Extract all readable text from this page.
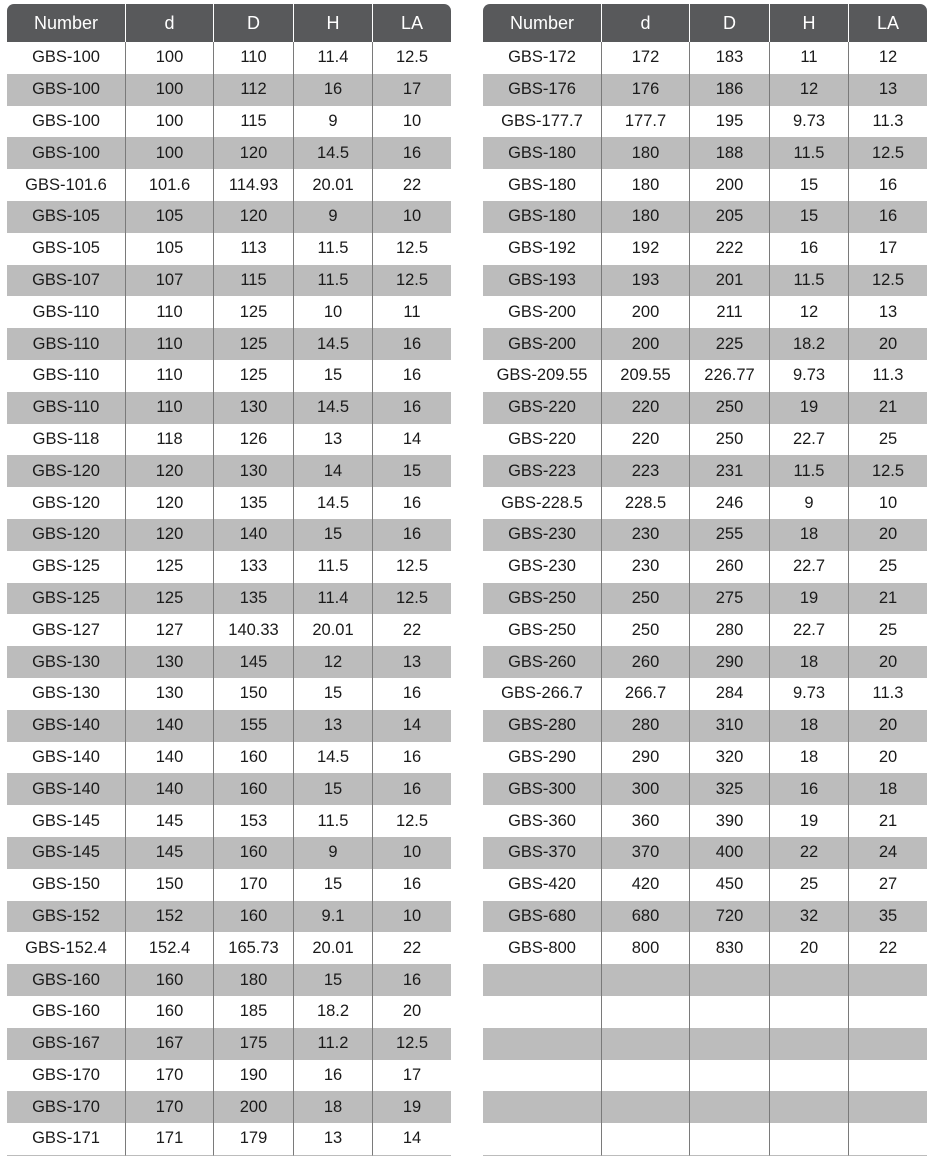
Number	d	D	H	LA
GBS-100	100	110	11.4	12.5
GBS-100	100	112	16	17
GBS-100	100	115	9	10
GBS-100	100	120	14.5	16
GBS-101.6	101.6	114.93	20.01	22
GBS-105	105	120	9	10
GBS-105	105	113	11.5	12.5
GBS-107	107	115	11.5	12.5
GBS-110	110	125	10	11
GBS-110	110	125	14.5	16
GBS-110	110	125	15	16
GBS-110	110	130	14.5	16
GBS-118	118	126	13	14
GBS-120	120	130	14	15
GBS-120	120	135	14.5	16
GBS-120	120	140	15	16
GBS-125	125	133	11.5	12.5
GBS-125	125	135	11.4	12.5
GBS-127	127	140.33	20.01	22
GBS-130	130	145	12	13
GBS-130	130	150	15	16
GBS-140	140	155	13	14
GBS-140	140	160	14.5	16
GBS-140	140	160	15	16
GBS-145	145	153	11.5	12.5
GBS-145	145	160	9	10
GBS-150	150	170	15	16
GBS-152	152	160	9.1	10
GBS-152.4	152.4	165.73	20.01	22
GBS-160	160	180	15	16
GBS-160	160	185	18.2	20
GBS-167	167	175	11.2	12.5
GBS-170	170	190	16	17
GBS-170	170	200	18	19
GBS-171	171	179	13	14
Number	d	D	H	LA
GBS-172	172	183	11	12
GBS-176	176	186	12	13
GBS-177.7	177.7	195	9.73	11.3
GBS-180	180	188	11.5	12.5
GBS-180	180	200	15	16
GBS-180	180	205	15	16
GBS-192	192	222	16	17
GBS-193	193	201	11.5	12.5
GBS-200	200	211	12	13
GBS-200	200	225	18.2	20
GBS-209.55	209.55	226.77	9.73	11.3
GBS-220	220	250	19	21
GBS-220	220	250	22.7	25
GBS-223	223	231	11.5	12.5
GBS-228.5	228.5	246	9	10
GBS-230	230	255	18	20
GBS-230	230	260	22.7	25
GBS-250	250	275	19	21
GBS-250	250	280	22.7	25
GBS-260	260	290	18	20
GBS-266.7	266.7	284	9.73	11.3
GBS-280	280	310	18	20
GBS-290	290	320	18	20
GBS-300	300	325	16	18
GBS-360	360	390	19	21
GBS-370	370	400	22	24
GBS-420	420	450	25	27
GBS-680	680	720	32	35
GBS-800	800	830	20	22
